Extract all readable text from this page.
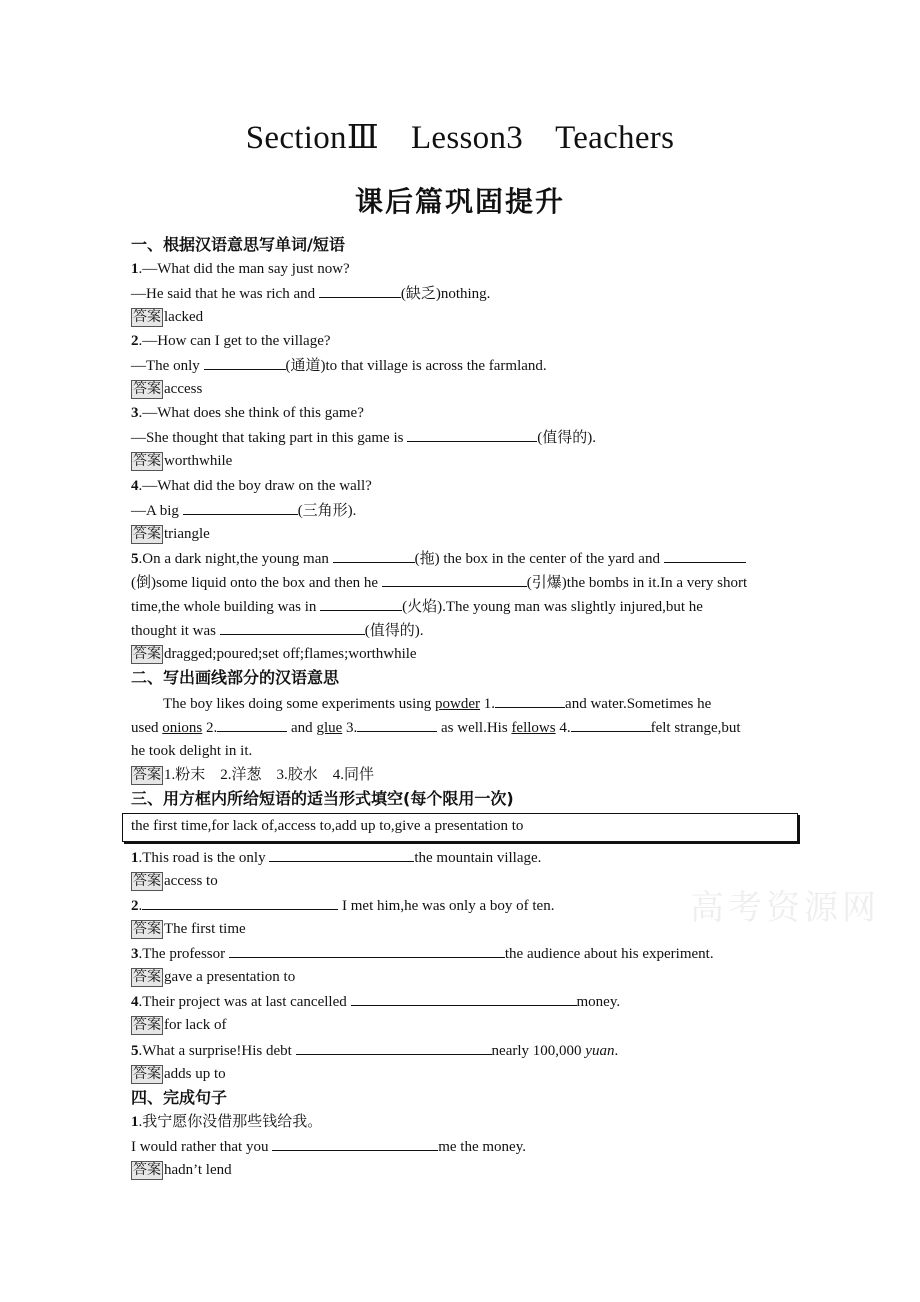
SectionⅢ Lesson3 Teachers
课后篇巩固提升
一、根据汉语意思写单词/短语
1.—What did the man say just now?
—He said that he was rich and	(缺乏)nothing.
答案 lacked
2.—How can I get to the village?
—The only	(通道)to that village is across the farmland.
答案 access
3.—What does she think of this game?
—She thought that taking part in this game is	(值得的).
答案 worthwhile
4.—What did the boy draw on the wall?
—A big	(三角形).
答案 triangle
5.On a dark night,the young man	(拖) the box in the center of the yard and
(倒)some liquid onto the box and then he	(引爆)the bombs in it.In a very short
time,the whole building was in	(火焰).The young man was slightly injured,but he
thought it was	(值得的).
答案 dragged;poured;set off;flames;worthwhile
二、写出画线部分的汉语意思
The boy likes doing some experiments using powder 1.	and water.Sometimes he
used onions 2.	and glue 3.	as well.His fellows 4.	felt strange,but
he took delight in it.
答案 1.粉末　2.洋葱　3.胶水　4.同伴
三、用方框内所给短语的适当形式填空(每个限用一次)
the first time,for lack of,access to,add up to,give a presentation to
1.This road is the only	the mountain village.
答案 access to
2.	I met him,he was only a boy of ten.
答案 The first time
3.The professor	the audience about his experiment.
答案 gave a presentation to
4.Their project was at last cancelled	money.
答案 for lack of
5.What a surprise!His debt	nearly 100,000 yuan.
答案 adds up to
四、完成句子
1.我宁愿你没借那些钱给我。
I would rather that you	me the money.
答案 hadn’t lend
高考资源网
